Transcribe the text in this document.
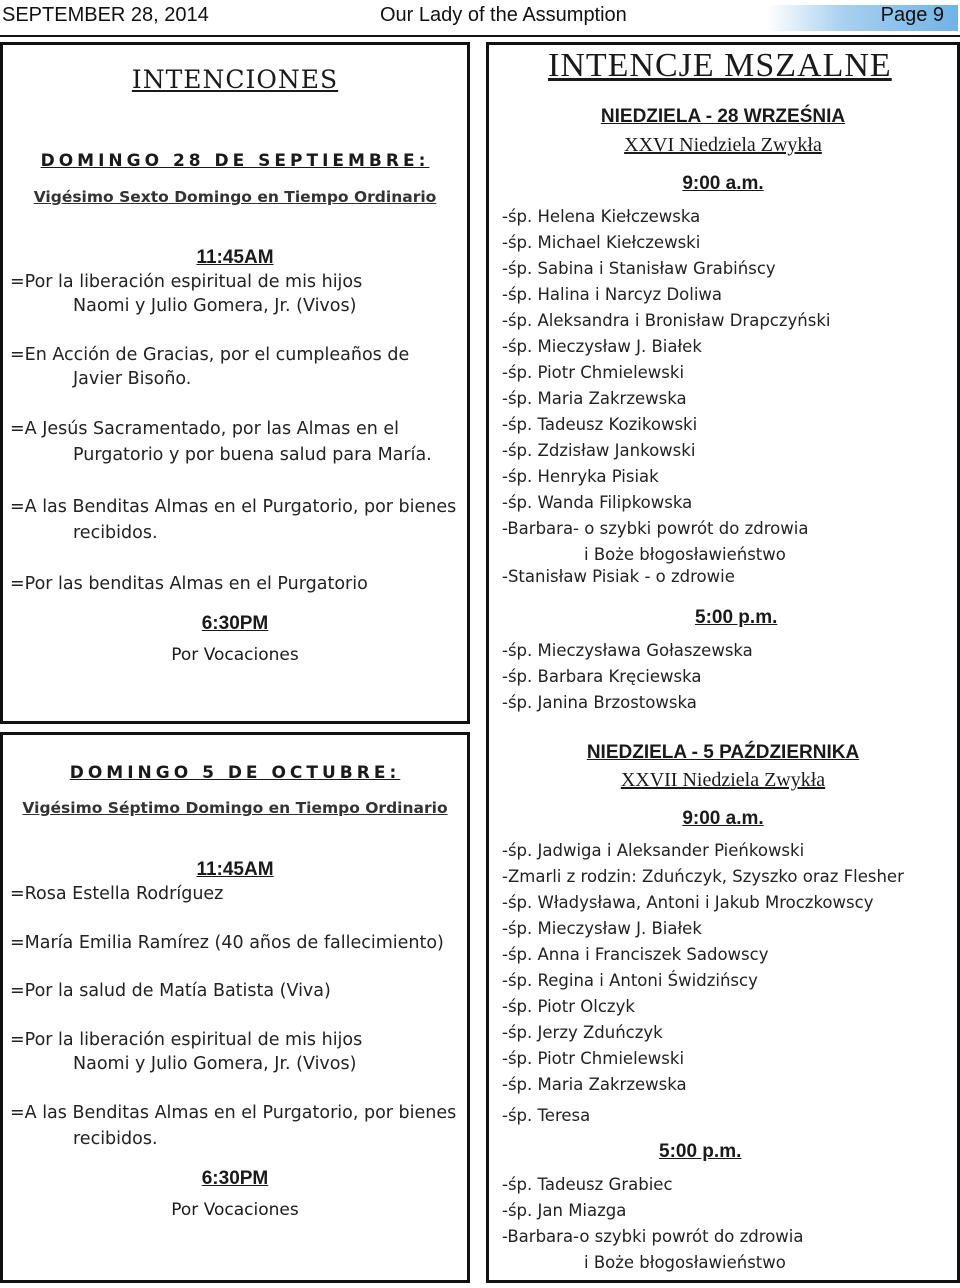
SEPTEMBER 28, 2014	Our Lady of the Assumption	Page 9
INTENCIONES
DOMINGO 28 DE SEPTIEMBRE:
Vigésimo Sexto Domingo en Tiempo Ordinario
11:45AM
=Por la liberación espiritual de mis hijos
Naomi y Julio Gomera, Jr. (Vivos)
=En Acción de Gracias, por el cumpleaños de
Javier Bisoño.
=A Jesús Sacramentado, por las Almas en el
Purgatorio y por buena salud para María.
=A las Benditas Almas en el Purgatorio, por bienes
recibidos.
=Por las benditas Almas en el Purgatorio
6:30PM
Por Vocaciones
DOMINGO 5 DE OCTUBRE:
Vigésimo Séptimo Domingo en Tiempo Ordinario
11:45AM
=Rosa Estella Rodríguez
=María Emilia Ramírez (40 años de fallecimiento)
=Por la salud de Matía Batista (Viva)
=Por la liberación espiritual de mis hijos
Naomi y Julio Gomera, Jr. (Vivos)
=A las Benditas Almas en el Purgatorio, por bienes
recibidos.
6:30PM
Por Vocaciones
INTENCJE MSZALNE
NIEDZIELA - 28 WRZEŚNIA
XXVI Niedziela Zwykła
9:00 a.m.
-śp. Helena Kiełczewska
-śp. Michael Kiełczewski
-śp. Sabina i Stanisław Grabińscy
-śp. Halina i Narcyz Doliwa
-śp. Aleksandra i Bronisław Drapczyński
-śp. Mieczysław J. Białek
-śp. Piotr Chmielewski
-śp. Maria Zakrzewska
-śp. Tadeusz Kozikowski
-śp. Zdzisław Jankowski
-śp. Henryka Pisiak
-śp. Wanda Filipkowska
-Barbara- o szybki powrót do zdrowia
i Boże błogosławieństwo
-Stanisław Pisiak - o zdrowie
5:00 p.m.
-śp. Mieczysława Gołaszewska
-śp. Barbara Kręciewska
-śp. Janina Brzostowska
NIEDZIELA - 5 PAŹDZIERNIKA
XXVII Niedziela Zwykła
9:00 a.m.
-śp. Jadwiga i Aleksander Pieńkowski
-Zmarli z rodzin: Zduńczyk, Szyszko oraz Flesher
-śp. Władysława, Antoni i Jakub Mroczkowscy
-śp. Mieczysław J. Białek
-śp. Anna i Franciszek Sadowscy
-śp. Regina i Antoni Świdzińscy
-śp. Piotr Olczyk
-śp. Jerzy Zduńczyk
-śp. Piotr Chmielewski
-śp. Maria Zakrzewska
-śp. Teresa
5:00 p.m.
-śp. Tadeusz Grabiec
-śp. Jan Miazga
-Barbara-o szybki powrót do zdrowia
i Boże błogosławieństwo
